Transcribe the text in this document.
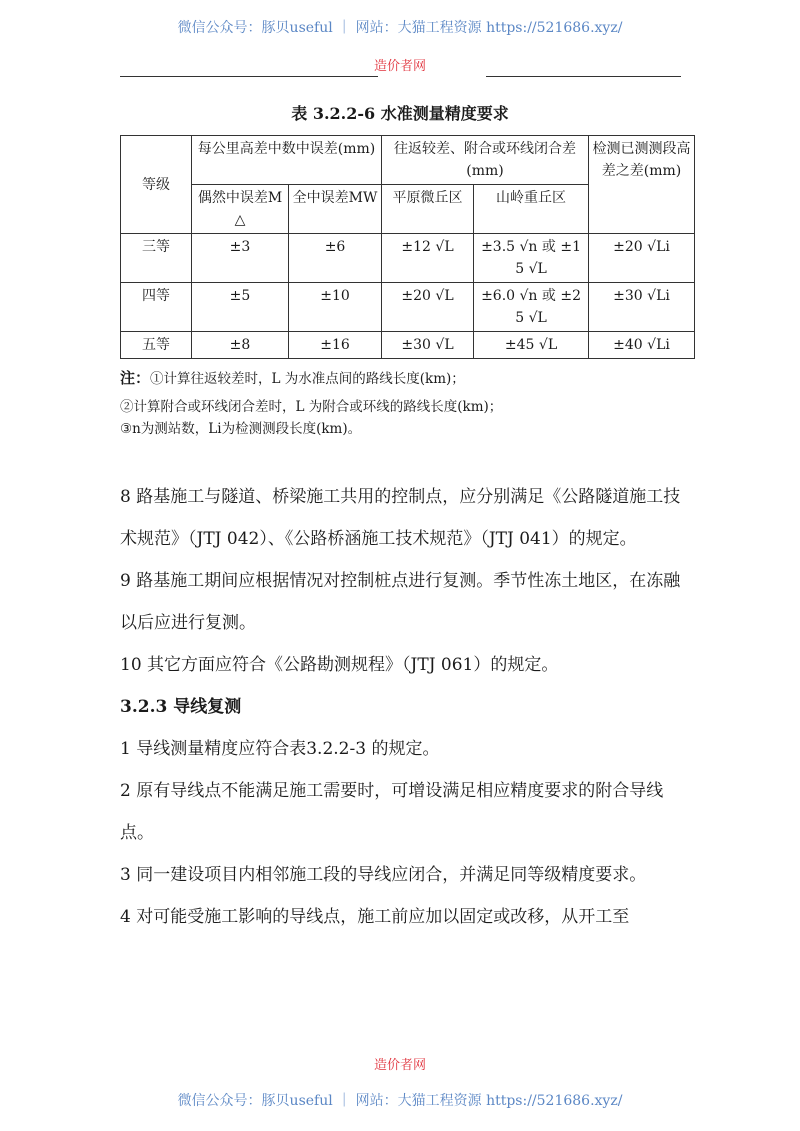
微信公众号：豚贝useful ｜ 网站：大猫工程资源 https://521686.xyz/
造价者网
表 3.2.2-6 水准测量精度要求
等级	每公里高差中数中误差(mm)		往返较差、附合或环线闭合差(mm)		检测已测测段高差之差(mm)
	偶然中误差M△	全中误差MW	平原微丘区	山岭重丘区	
三等	±3	±6	±12 √L	±3.5 √n 或 ±15 √L	±20 √Li
四等	±5	±10	±20 √L	±6.0 √n 或 ±25 √L	±30 √Li
五等	±8	±16	±30 √L	±45 √L	±40 √Li
注：①计算往返较差时，L 为水准点间的路线长度(km)；
②计算附合或环线闭合差时，L 为附合或环线的路线长度(km)；
③n为测站数，Li为检测测段长度(km)。
8 路基施工与隧道、桥梁施工共用的控制点，应分别满足《公路隧道施工技术规范》（JTJ 042）、《公路桥涵施工技术规范》（JTJ 041）的规定。
9 路基施工期间应根据情况对控制桩点进行复测。季节性冻土地区，在冻融以后应进行复测。
10 其它方面应符合《公路勘测规程》（JTJ 061）的规定。
3.2.3 导线复测
1 导线测量精度应符合表3.2.2-3 的规定。
2 原有导线点不能满足施工需要时，可增设满足相应精度要求的附合导线点。
3 同一建设项目内相邻施工段的导线应闭合，并满足同等级精度要求。
4 对可能受施工影响的导线点，施工前应加以固定或改移，从开工至
造价者网
微信公众号：豚贝useful ｜ 网站：大猫工程资源 https://521686.xyz/
